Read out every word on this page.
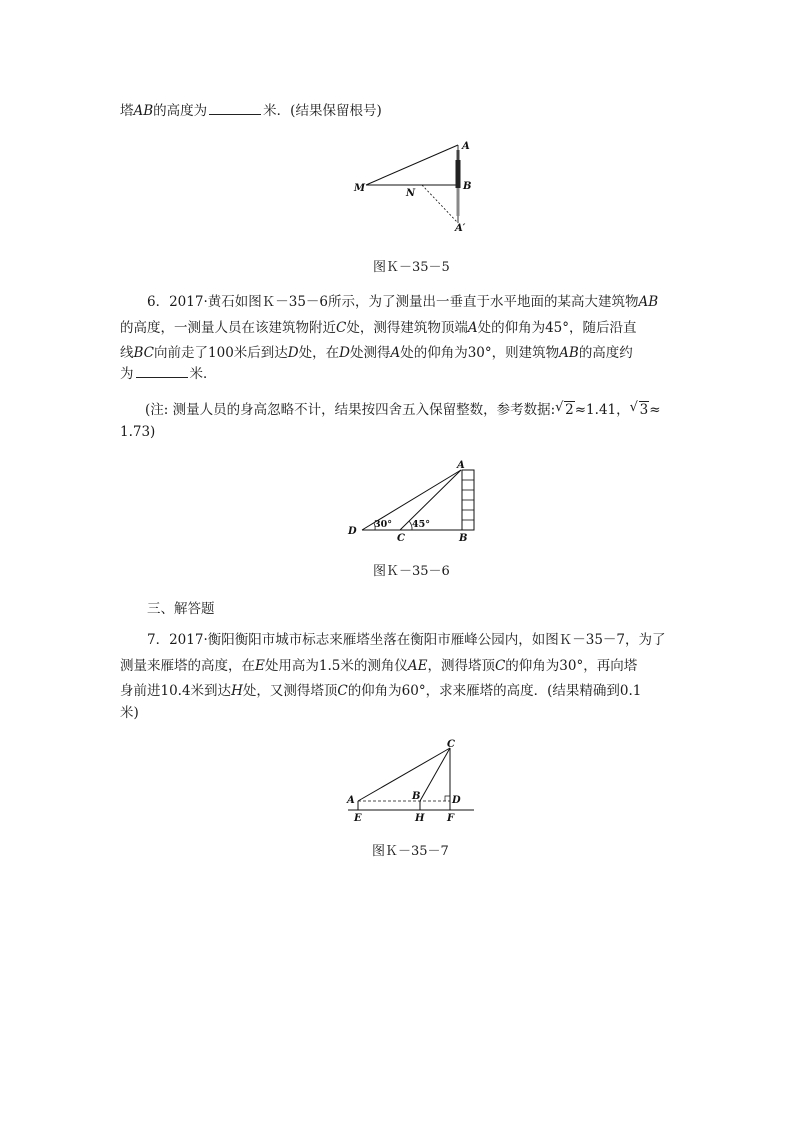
塔AB的高度为	米．(结果保留根号)
A
M	N
B
A′
图Ｋ－35－5
6．2017·黄石如图Ｋ－35－6所示，为了测量出一垂直于水平地面的某高大建筑物AB
的高度，一测量人员在该建筑物附近C处，测得建筑物顶端A处的仰角为45°，随后沿直
线BC向前走了100米后到达D处，在D处测得A处的仰角为30°，则建筑物AB的高度约
为	米．
(注: 测量人员的身高忽略不计，结果按四舍五入保留整数，参考数据: √ 2≈1.41， √ 3≈
1.73)
A
D
C	B
30° 45°
图Ｋ－35－6
三、解答题
7．2017·衡阳衡阳市城市标志来雁塔坐落在衡阳市雁峰公园内，如图Ｋ－35－7，为了
测量来雁塔的高度，在E处用高为1.5米的测角仪AE，测得塔顶C的仰角为30°，再向塔
身前进10.4米到达H处，又测得塔顶C的仰角为60°，求来雁塔的高度．(结果精确到0.1
米)
C
A	B	D
E	H F
图Ｋ－35－7
